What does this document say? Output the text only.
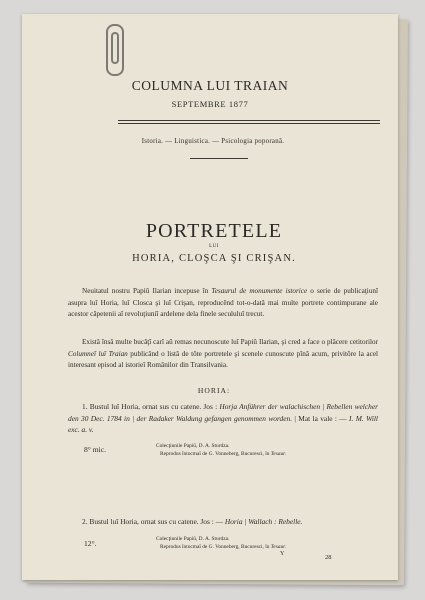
COLUMNA LUI TRAIAN
SEPTEMBRE 1877
Istoria. — Linguistica. — Psicologia poporană.
PORTRETELE
LUI
HORIA, CLOŞCA ŞI CRIŞAN.

Neuitatul nostru Papiŭ Ilarian incepuse în Tesaurul de monumente istorice o serie de publicaţiunĭ asupra luĭ Horia, luĭ Closca şi luĭ Crişan, reproducênd tot-o-dată mai multe portrete contimpurane ale acestor căpetenii aĭ revoluţiuniĭ ardelene dela finele secululuĭ trecut.

Există însă multe bucăţĭ carĭ aŭ remas necunoscute luĭ Papiŭ Ilarian, şi cred a face o plăcere cetitorilor Columneĭ luĭ Traian publicând o listă de tôte portretele şi scenele cunoscute pînă acum, privitôre la acel interesant episod al istorieĭ Românilor din Transilvania.

HORIA:

1. Bustul luĭ Horia, ornat sus cu catene. Jos : Horja Anführer der walachischen | Rebellen welcher den 30 Dec. 1784 in | der Radaker Waldung gefangen genommen worden. | Mat la vale : — I. M. Will exc. a. v.

8° mic.	Colecţiunile Papiŭ, D. A. Sturdza.
Reprodus întocmaĭ de G. Vonneberg, Bucuresci, în Tesaur.

2. Bustul luĭ Horia, ornat sus cu catene. Jos : — Horia | Wallach : Rebelle.

12°.	Colecţiunile Papiŭ, D. A. Sturdza.
Reprodus întocmaĭ de G. Vonneberg, Bucuresci, în Tesaur.
Y	28
